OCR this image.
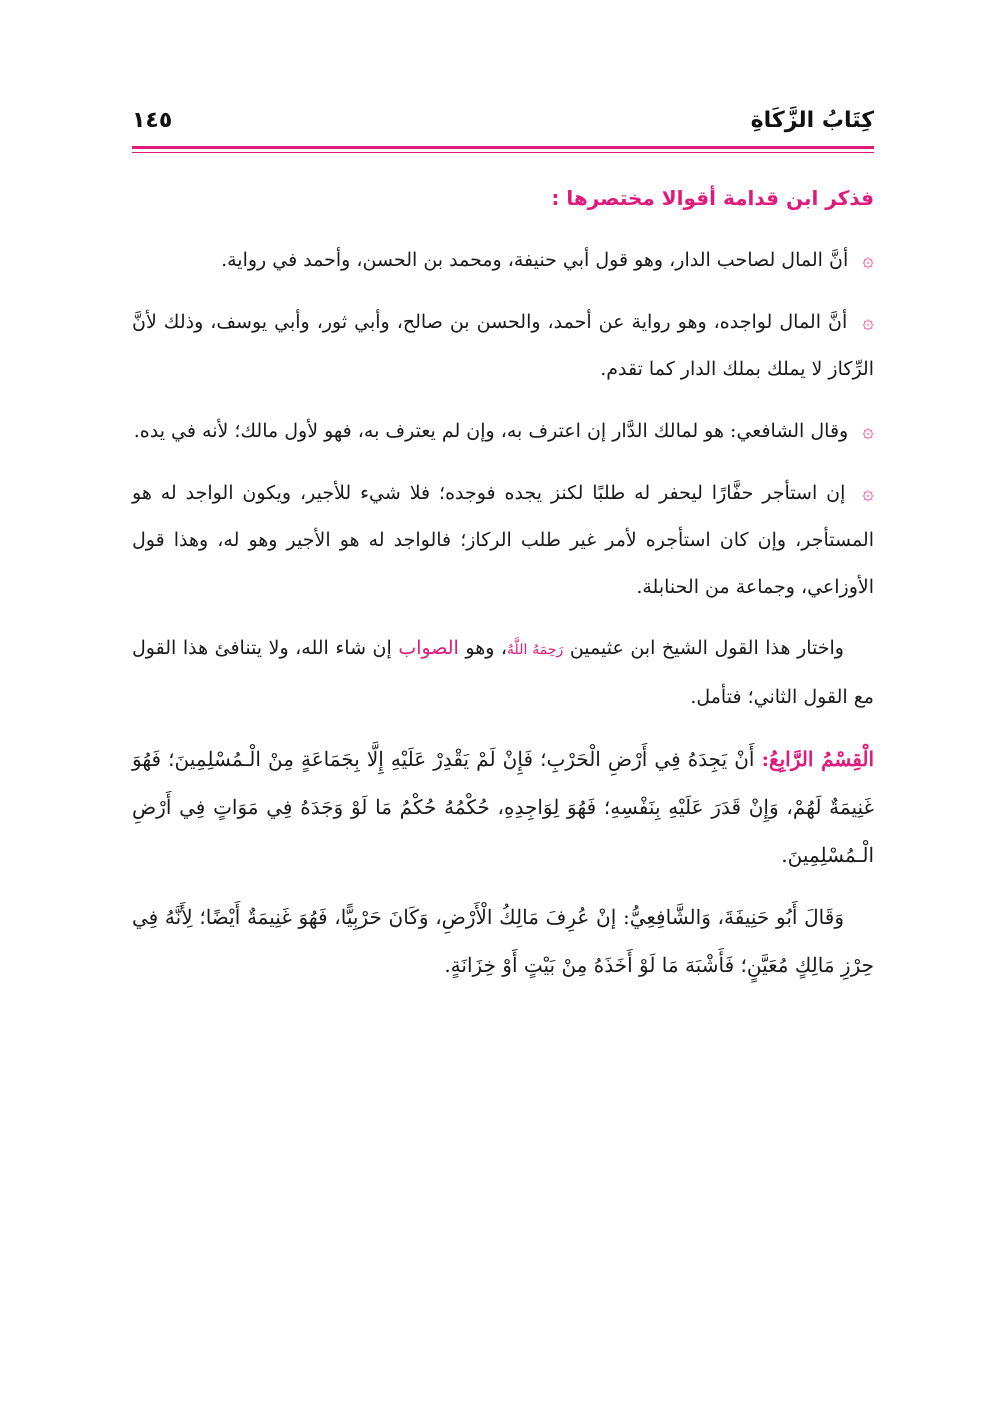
كِتَابُ الزَّكَاةِ
١٤٥
فذكر ابن قدامة أقوالا مختصرها :

۞ أنَّ المال لصاحب الدار، وهو قول أبي حنيفة، ومحمد بن الحسن، وأحمد في رواية.

۞ أنَّ المال لواجده، وهو رواية عن أحمد، والحسن بن صالح، وأبي ثور، وأبي يوسف، وذلك لأنَّ الرِّكاز لا يملك بملك الدار كما تقدم.

۞ وقال الشافعي: هو لمالك الدَّار إن اعترف به، وإن لم يعترف به، فهو لأول مالك؛ لأنه في يده.

۞ إن استأجر حفَّارًا ليحفر له طلبًا لكنز يجده فوجده؛ فلا شيء للأجير، ويكون الواجد له هو المستأجر، وإن كان استأجره لأمر غير طلب الركاز؛ فالواجد له هو الأجير وهو له، وهذا قول الأوزاعي، وجماعة من الحنابلة.

واختار هذا القول الشيخ ابن عثيمين رَحِمَهُ اللَّهُ، وهو الصواب إن شاء الله، ولا يتنافئ هذا القول مع القول الثاني؛ فتأمل.

الْقِسْمُ الرَّابِعُ: أَنْ يَجِدَهُ فِي أَرْضِ الْحَرْبِ؛ فَإِنْ لَمْ يَقْدِرْ عَلَيْهِ إِلَّا بِجَمَاعَةٍ مِنْ الْـمُسْلِمِينَ؛ فَهُوَ غَنِيمَةٌ لَهُمْ، وَإِنْ قَدَرَ عَلَيْهِ بِنَفْسِهِ؛ فَهُوَ لِوَاجِدِهِ، حُكْمُهُ حُكْمُ مَا لَوْ وَجَدَهُ فِي مَوَاتٍ فِي أَرْضِ الْـمُسْلِمِينَ.

وَقَالَ أَبُو حَنِيفَةَ، وَالشَّافِعِيُّ: إنْ عُرِفَ مَالِكُ الْأَرْضِ، وَكَانَ حَرْبِيًّا، فَهُوَ غَنِيمَةٌ أَيْضًا؛ لِأَنَّهُ فِي حِرْزِ مَالِكٍ مُعَيَّنٍ؛ فَأَشْبَهَ مَا لَوْ أَخَذَهُ مِنْ بَيْتٍ أَوْ خِزَانَةٍ.
